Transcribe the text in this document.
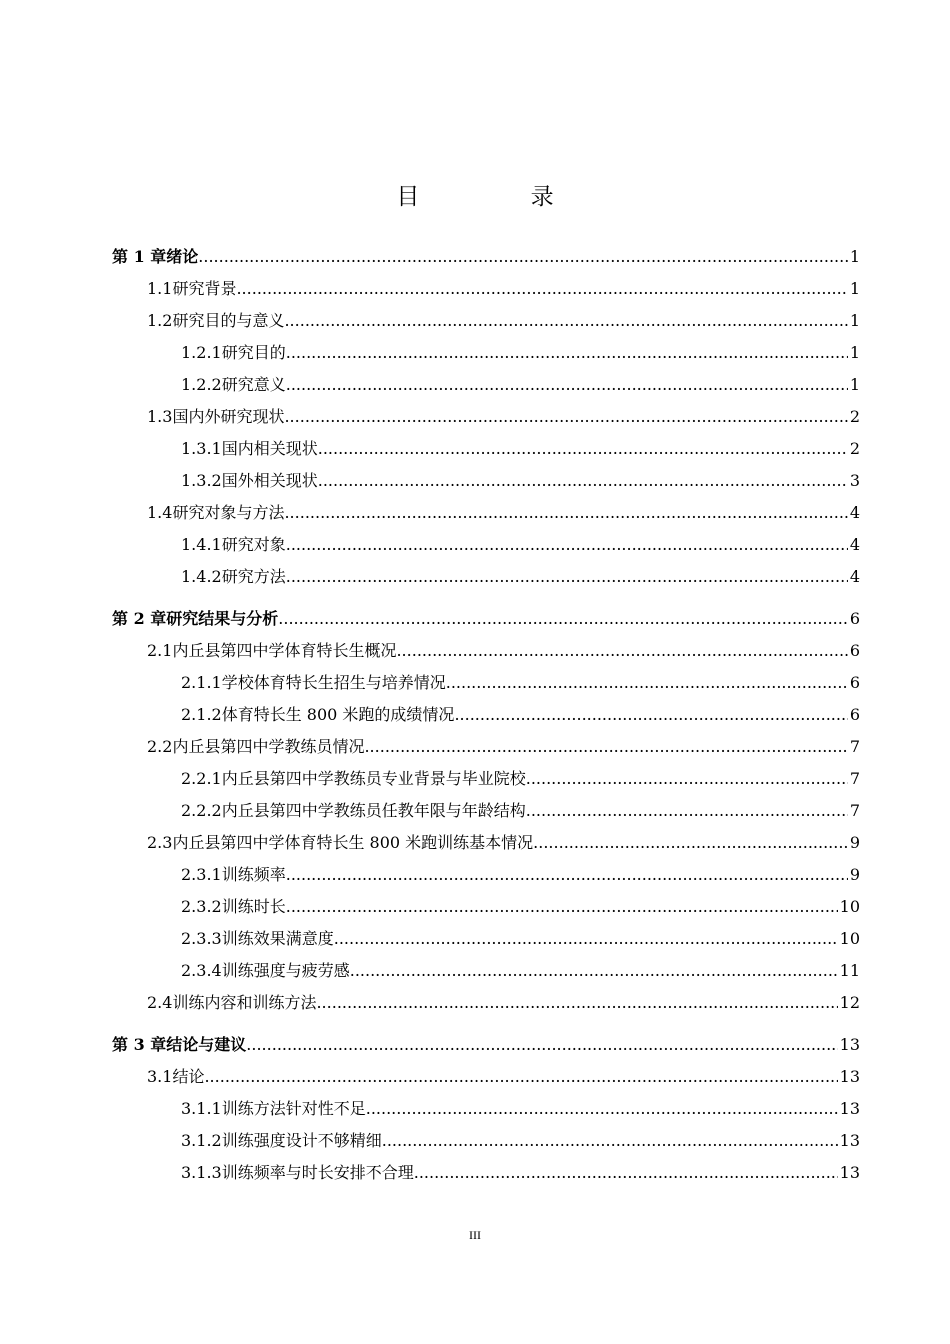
目 录
第 1 章 绪论 .....	1
1.1 研究背景 .....	1
1.2 研究目的与意义 .....	1
1.2.1 研究目的 .....	1
1.2.2 研究意义 .....	1
1.3 国内外研究现状 .....	2
1.3.1 国内相关现状 .....	2
1.3.2 国外相关现状 .....	3
1.4 研究对象与方法 .....	4
1.4.1 研究对象 .....	4
1.4.2 研究方法 .....	4
第 2 章 研究结果与分析 .....	6
2.1 内丘县第四中学体育特长生概况 .....	6
2.1.1 学校体育特长生招生与培养情况 .....	6
2.1.2 体育特长生 800 米跑的成绩情况 .....	6
2.2 内丘县第四中学教练员情况 .....	7
2.2.1 内丘县第四中学教练员专业背景与毕业院校 .....	7
2.2.2 内丘县第四中学教练员任教年限与年龄结构 .....	7
2.3 内丘县第四中学体育特长生 800 米跑训练基本情况 .....	9
2.3.1 训练频率 .....	9
2.3.2 训练时长 .....	10
2.3.3 训练效果满意度 .....	10
2.3.4 训练强度与疲劳感 .....	11
2.4 训练内容和训练方法 .....	12
第 3 章 结论与建议 .....	13
3.1 结论 .....	13
3.1.1 训练方法针对性不足 .....	13
3.1.2 训练强度设计不够精细 .....	13
3.1.3 训练频率与时长安排不合理 .....	13
III
